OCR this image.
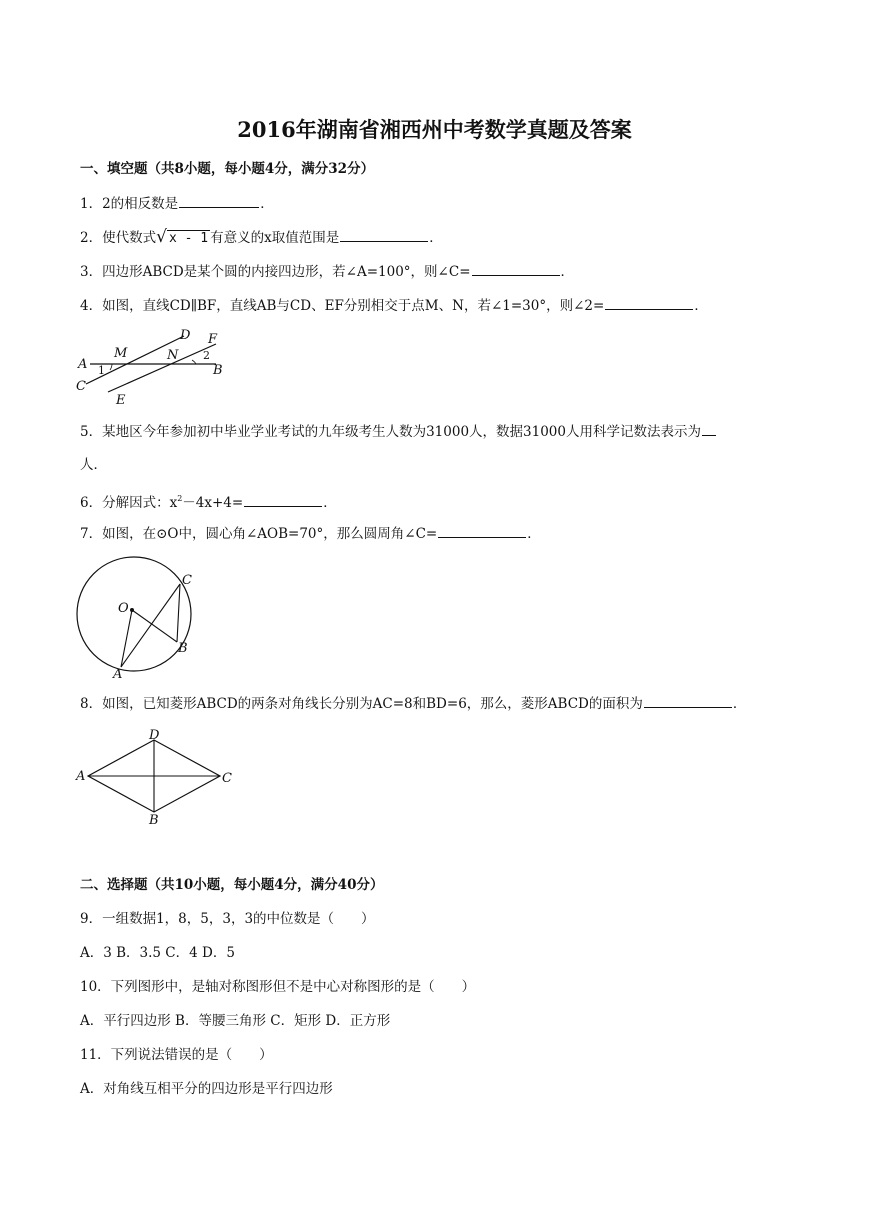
2016年湖南省湘西州中考数学真题及答案
一、填空题（共8小题，每小题4分，满分32分）
1．2的相反数是	．
2．使代数式√ x - 1 有意义的x取值范围是	．
3．四边形ABCD是某个圆的内接四边形，若∠A=100°，则∠C=	．
4．如图，直线CD∥BF，直线AB与CD、EF分别相交于点M、N，若∠1=30°，则∠2=	．
A
M	N
D F
B
C
E
1
2
5．某地区今年参加初中毕业学业考试的九年级考生人数为31000人，数据31000人用科学记数法表示为
人．
6．分解因式：$x^2-4x+4=$	．
7．如图，在⊙O中，圆心角∠AOB=70°，那么圆周角∠C=	．
O
A
B
C
8．如图，已知菱形ABCD的两条对角线长分别为AC=8和BD=6，那么，菱形ABCD的面积为	．
A
D
C
B
二、选择题（共10小题，每小题4分，满分40分）
9．一组数据1，8，5，3，3的中位数是（　　）
A．3 B．3.5 C．4 D．5
10．下列图形中，是轴对称图形但不是中心对称图形的是（　　）
A．平行四边形 B．等腰三角形 C．矩形 D．正方形
11．下列说法错误的是（　　）
A．对角线互相平分的四边形是平行四边形
